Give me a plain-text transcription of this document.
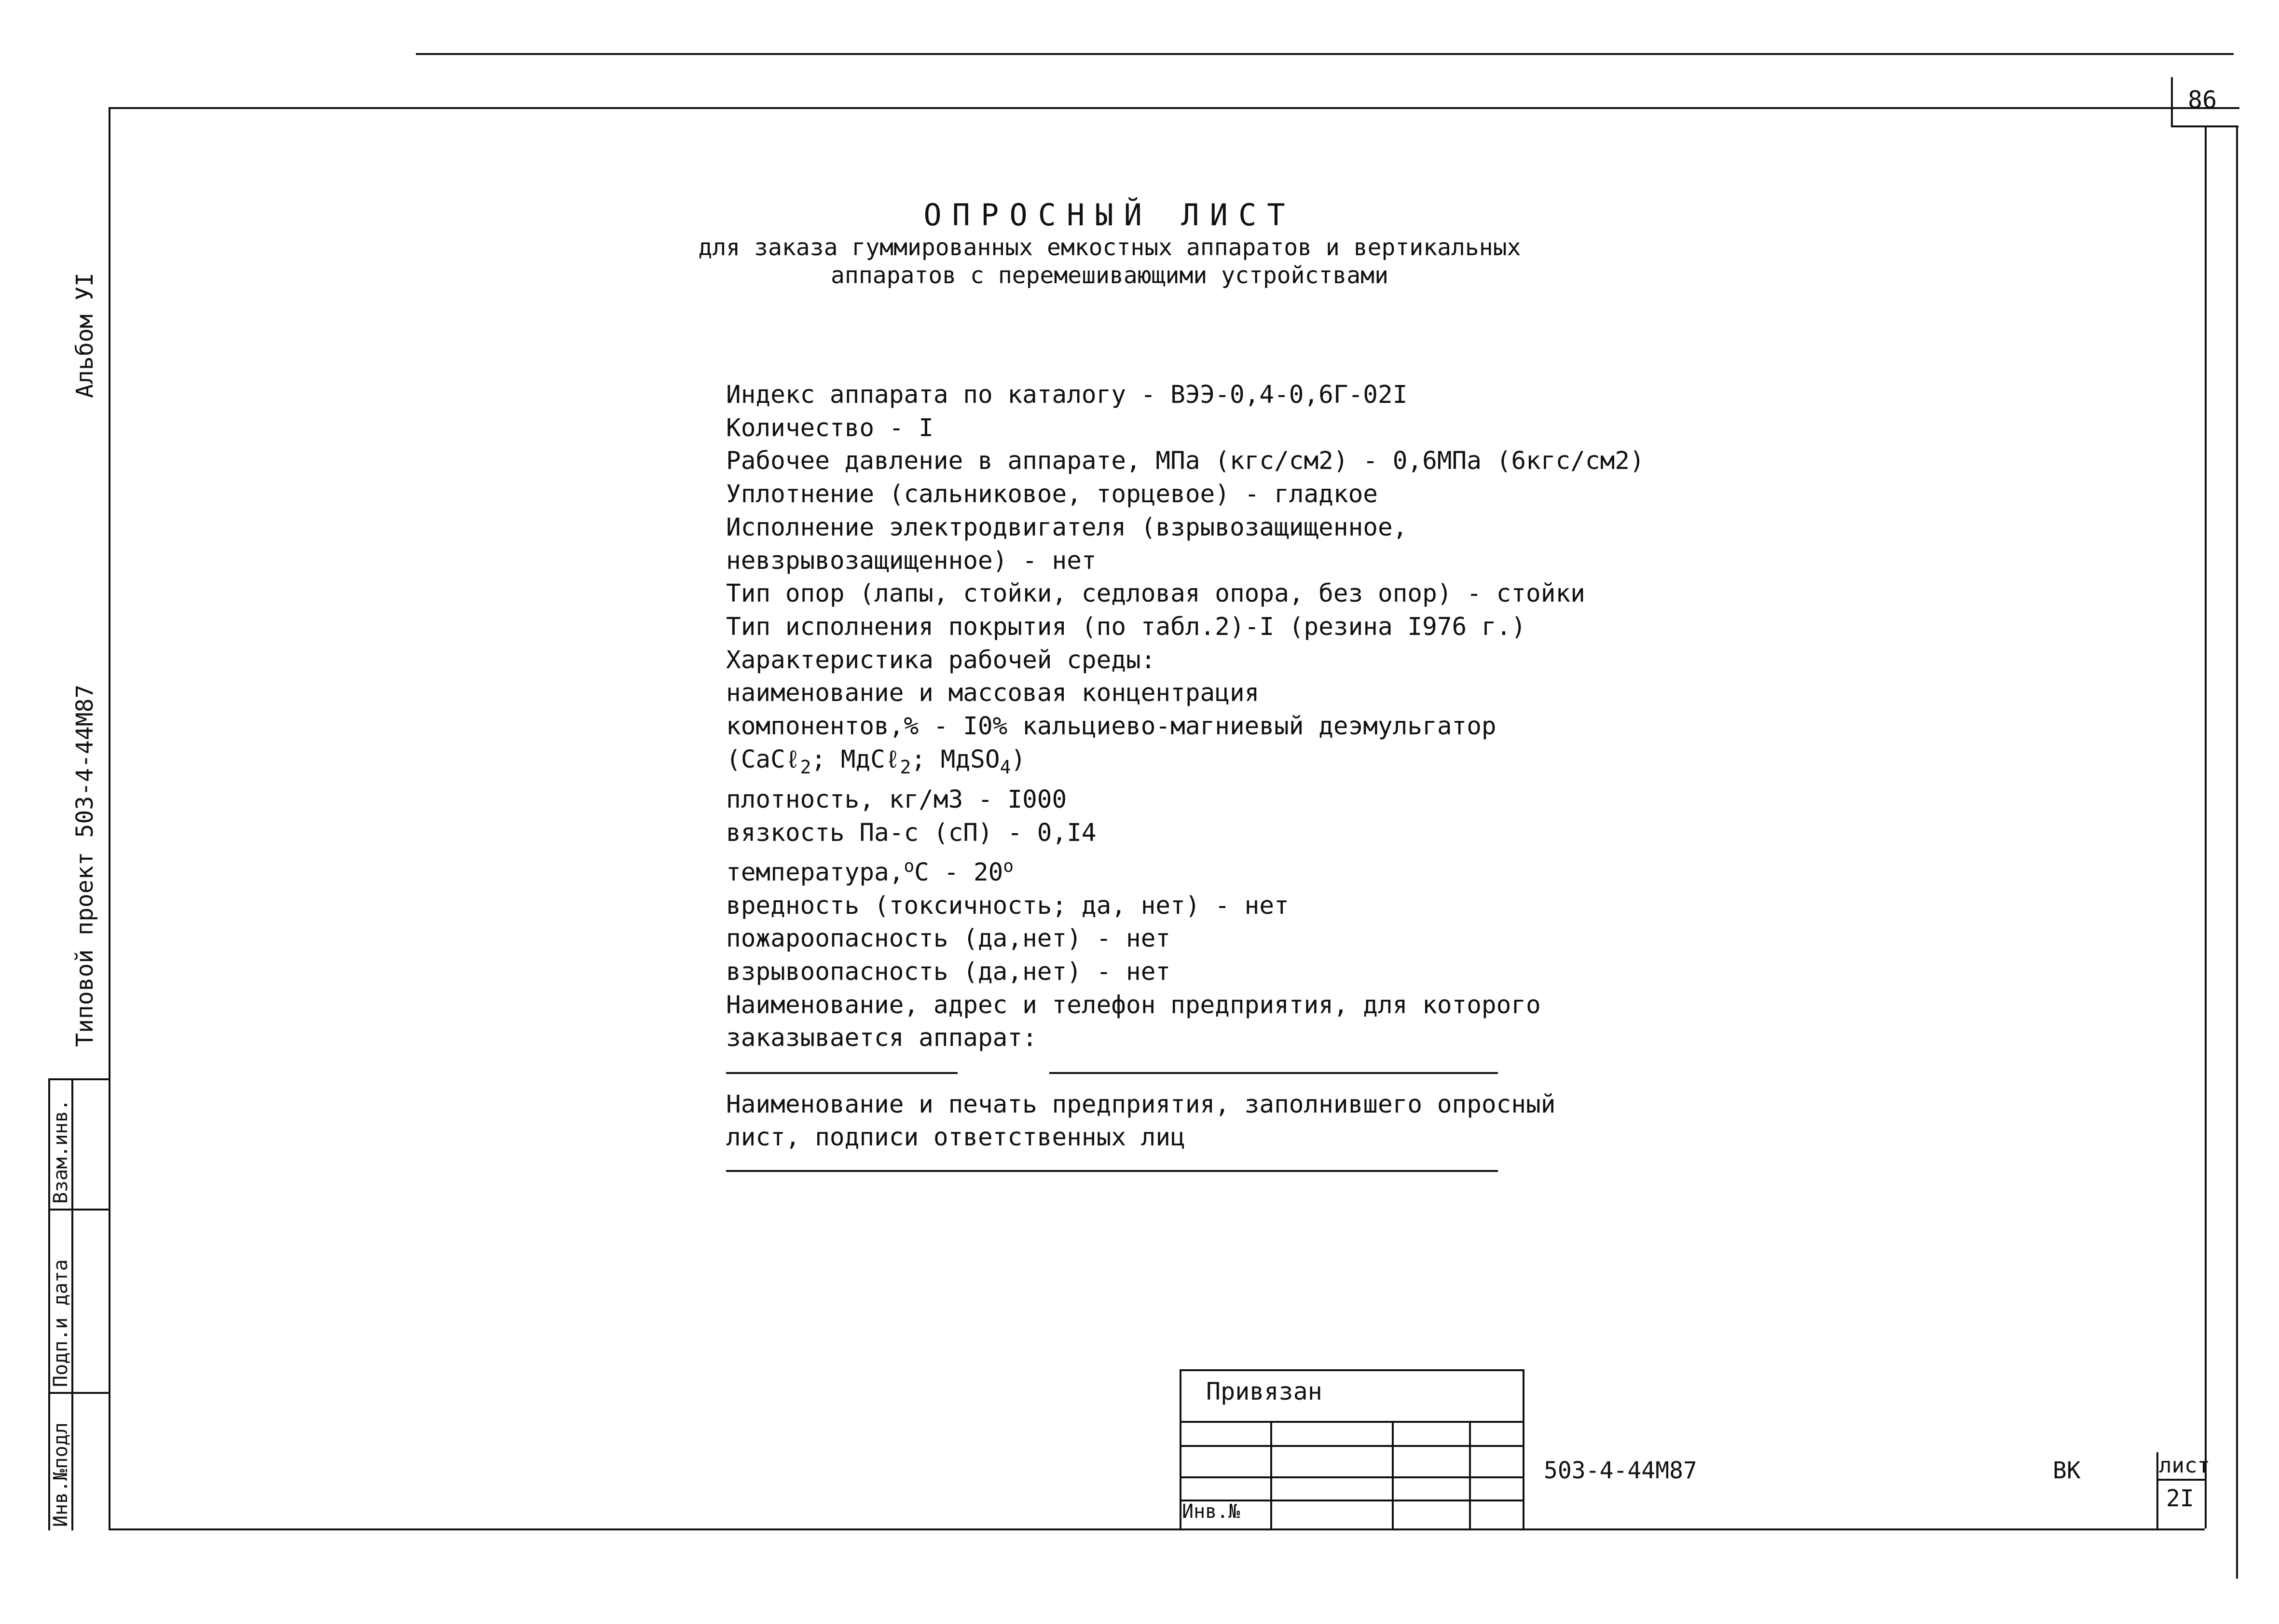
86
ОПРОСНЫЙ ЛИСТ
для заказа гуммированных емкостных аппаратов и вертикальных
аппаратов с перемешивающими устройствами
Индекс аппарата по каталогу - ВЭЭ-0,4-0,6Г-02I
Количество - I
Рабочее давление в аппарате, МПа (кгс/см2) - 0,6МПа (6кгс/см2)
Уплотнение (сальниковое, торцевое) - гладкое
Исполнение электродвигателя (взрывозащищенное,
невзрывозащищенное) - нет
Тип опор (лапы, стойки, седловая опора, без опор) - стойки
Тип исполнения покрытия (по табл.2)-I (резина I976 г.)
Характеристика рабочей среды:
наименование и массовая концентрация
компонентов,% - I0% кальциево-магниевый деэмульгатор
(СаСℓ$_2$; МдСℓ$_2$; МдЅО$_4$)
плотность, кг/м3 - I000
вязкость Па-с (сП) - 0,I4
температура,$^о$С - $20^о$
вредность (токсичность; да, нет) - нет
пожароопасность (да,нет) - нет
взрывоопасность (да,нет) - нет
Наименование, адрес и телефон предприятия, для которого
заказывается аппарат:

Наименование и печать предприятия, заполнившего опросный
лист, подписи ответственных лиц
Альбом УI
Типовой проект 503-4-44М87
Взам.инв.
Подп.и дата
Инв.№подл
Привязан
Инв.№
503-4-44М87	ВК	лист
2I
